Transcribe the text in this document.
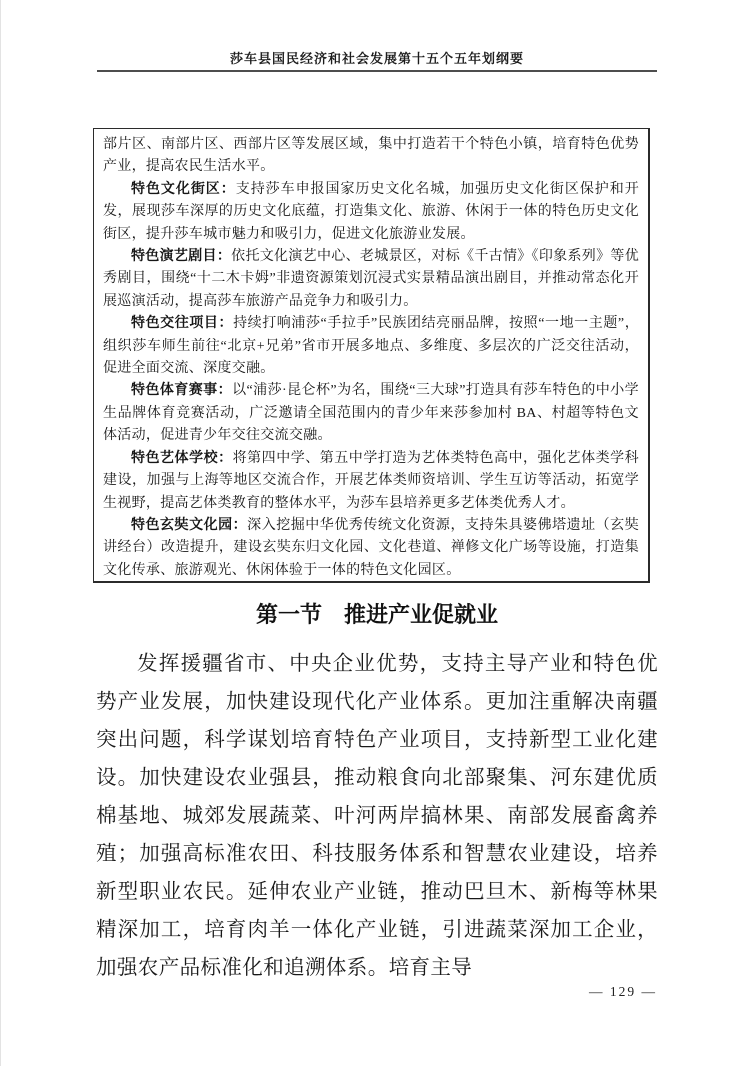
莎车县国民经济和社会发展第十五个五年划纲要

部片区、南部片区、西部片区等发展区域，集中打造若干个特色小镇，培育特色优势产业，提高农民生活水平。

特色文化街区：支持莎车申报国家历史文化名城，加强历史文化街区保护和开发，展现莎车深厚的历史文化底蕴，打造集文化、旅游、休闲于一体的特色历史文化街区，提升莎车城市魅力和吸引力，促进文化旅游业发展。

特色演艺剧目：依托文化演艺中心、老城景区，对标《千古情》《印象系列》等优秀剧目，围绕“十二木卡姆”非遗资源策划沉浸式实景精品演出剧目，并推动常态化开展巡演活动，提高莎车旅游产品竞争力和吸引力。

特色交往项目：持续打响浦莎“手拉手”民族团结亮丽品牌，按照“一地一主题”，组织莎车师生前往“北京+兄弟”省市开展多地点、多维度、多层次的广泛交往活动，促进全面交流、深度交融。

特色体育赛事：以“浦莎·昆仑杯”为名，围绕“三大球”打造具有莎车特色的中小学生品牌体育竞赛活动，广泛邀请全国范围内的青少年来莎参加村 BA、村超等特色文体活动，促进青少年交往交流交融。

特色艺体学校：将第四中学、第五中学打造为艺体类特色高中，强化艺体类学科建设，加强与上海等地区交流合作，开展艺体类师资培训、学生互访等活动，拓宽学生视野，提高艺体类教育的整体水平，为莎车县培养更多艺体类优秀人才。

特色玄奘文化园：深入挖掘中华优秀传统文化资源，支持朱具婆佛塔遗址（玄奘讲经台）改造提升，建设玄奘东归文化园、文化巷道、禅修文化广场等设施，打造集文化传承、旅游观光、休闲体验于一体的特色文化园区。

第一节　推进产业促就业

发挥援疆省市、中央企业优势，支持主导产业和特色优势产业发展，加快建设现代化产业体系。更加注重解决南疆突出问题，科学谋划培育特色产业项目，支持新型工业化建设。加快建设农业强县，推动粮食向北部聚集、河东建优质棉基地、城郊发展蔬菜、叶河两岸搞林果、南部发展畜禽养殖；加强高标准农田、科技服务体系和智慧农业建设，培养新型职业农民。延伸农业产业链，推动巴旦木、新梅等林果精深加工，培育肉羊一体化产业链，引进蔬菜深加工企业，加强农产品标准化和追溯体系。培育主导

— 129 —
